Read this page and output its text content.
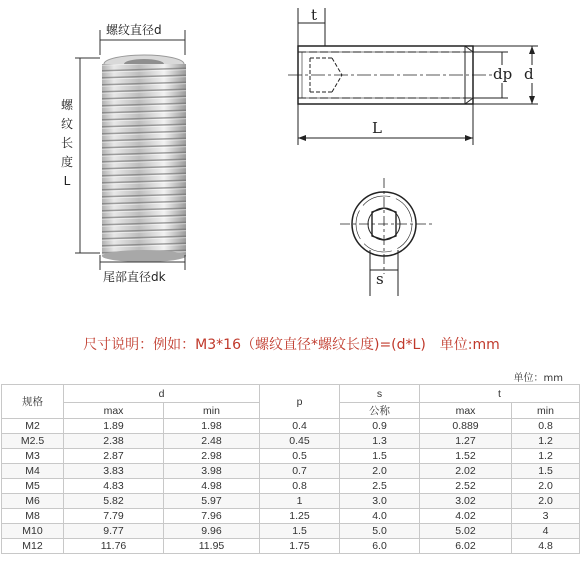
螺纹直径d
螺
纹
长
度
L
尾部直径dk
t
dp d
L
s
尺寸说明：例如：M3*16（螺纹直径*螺纹长度)=(d*L)　单位:mm
单位：mm
规格	d		p	s	t	
	max	min		公称	max	min
M2	1.89	1.98	0.4	0.9	0.889	0.8
M2.5	2.38	2.48	0.45	1.3	1.27	1.2
M3	2.87	2.98	0.5	1.5	1.52	1.2
M4	3.83	3.98	0.7	2.0	2.02	1.5
M5	4.83	4.98	0.8	2.5	2.52	2.0
M6	5.82	5.97	1	3.0	3.02	2.0
M8	7.79	7.96	1.25	4.0	4.02	3
M10	9.77	9.96	1.5	5.0	5.02	4
M12	11.76	11.95	1.75	6.0	6.02	4.8
